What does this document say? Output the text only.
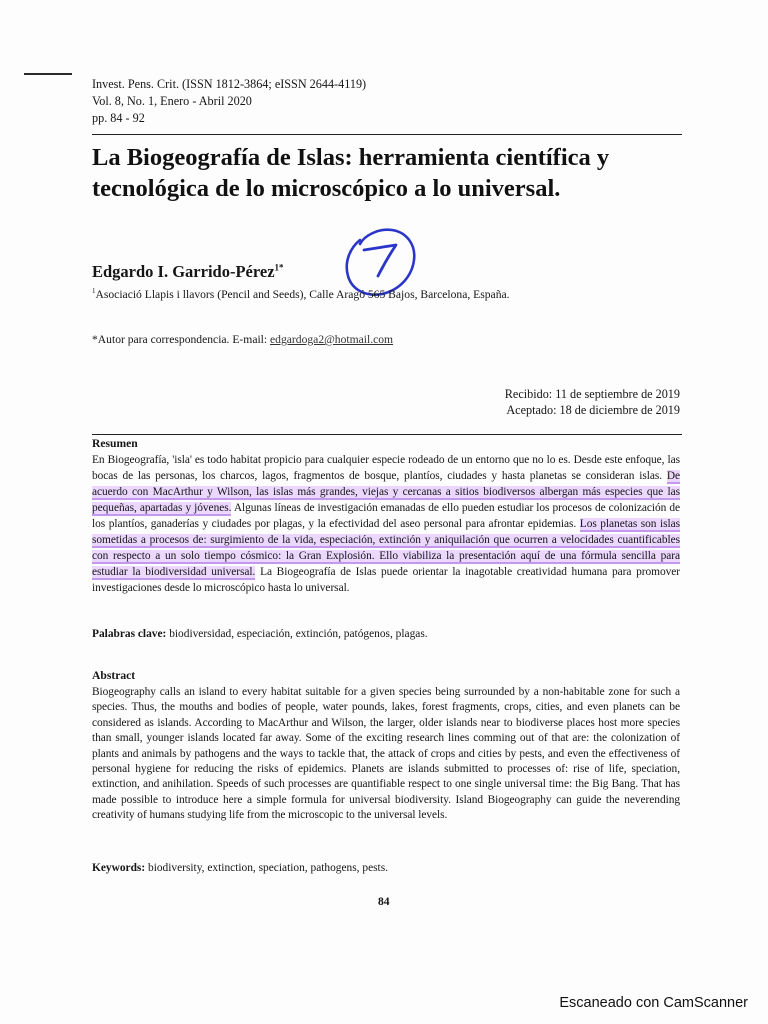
Invest. Pens. Crit. (ISSN 1812-3864; eISSN 2644-4119)
Vol. 8, No. 1, Enero - Abril 2020
pp. 84 - 92
La Biogeografía de Islas: herramienta científica y tecnológica de lo microscópico a lo universal.
Edgardo I. Garrido-Pérez$^{1*}$
$^1$Asociació Llapis i llavors (Pencil and Seeds), Calle Aragó 565 Bajos, Barcelona, España.
*Autor para correspondencia. E-mail: edgardoga2@hotmail.com
Recibido: 11 de septiembre de 2019
Aceptado: 18 de diciembre de 2019
Resumen
En Biogeografía, 'isla' es todo habitat propicio para cualquier especie rodeado de un entorno que no lo es. Desde este enfoque, las bocas de las personas, los charcos, lagos, fragmentos de bosque, plantíos, ciudades y hasta planetas se consideran islas. De acuerdo con MacArthur y Wilson, las islas más grandes, viejas y cercanas a sitios biodiversos albergan más especies que las pequeñas, apartadas y jóvenes. Algunas líneas de investigación emanadas de ello pueden estudiar los procesos de colonización de los plantíos, ganaderías y ciudades por plagas, y la efectividad del aseo personal para afrontar epidemias. Los planetas son islas sometidas a procesos de: surgimiento de la vida, especiación, extinción y aniquilación que ocurren a velocidades cuantificables con respecto a un solo tiempo cósmico: la Gran Explosión. Ello viabiliza la presentación aquí de una fórmula sencilla para estudiar la biodiversidad universal. La Biogeografía de Islas puede orientar la inagotable creatividad humana para promover investigaciones desde lo microscópico hasta lo universal.
Palabras clave: biodiversidad, especiación, extinción, patógenos, plagas.
Abstract
Biogeography calls an island to every habitat suitable for a given species being surrounded by a non-habitable zone for such a species. Thus, the mouths and bodies of people, water pounds, lakes, forest fragments, crops, cities, and even planets can be considered as islands. According to MacArthur and Wilson, the larger, older islands near to biodiverse places host more species than small, younger islands located far away. Some of the exciting research lines comming out of that are: the colonization of plants and animals by pathogens and the ways to tackle that, the attack of crops and cities by pests, and even the effectiveness of personal hygiene for reducing the risks of epidemics. Planets are islands submitted to processes of: rise of life, speciation, extinction, and anihilation. Speeds of such processes are quantifiable respect to one single universal time: the Big Bang. That has made possible to introduce here a simple formula for universal biodiversity. Island Biogeography can guide the neverending creativity of humans studying life from the microscopic to the universal levels.
Keywords: biodiversity, extinction, speciation, pathogens, pests.
84
Escaneado con CamScanner
